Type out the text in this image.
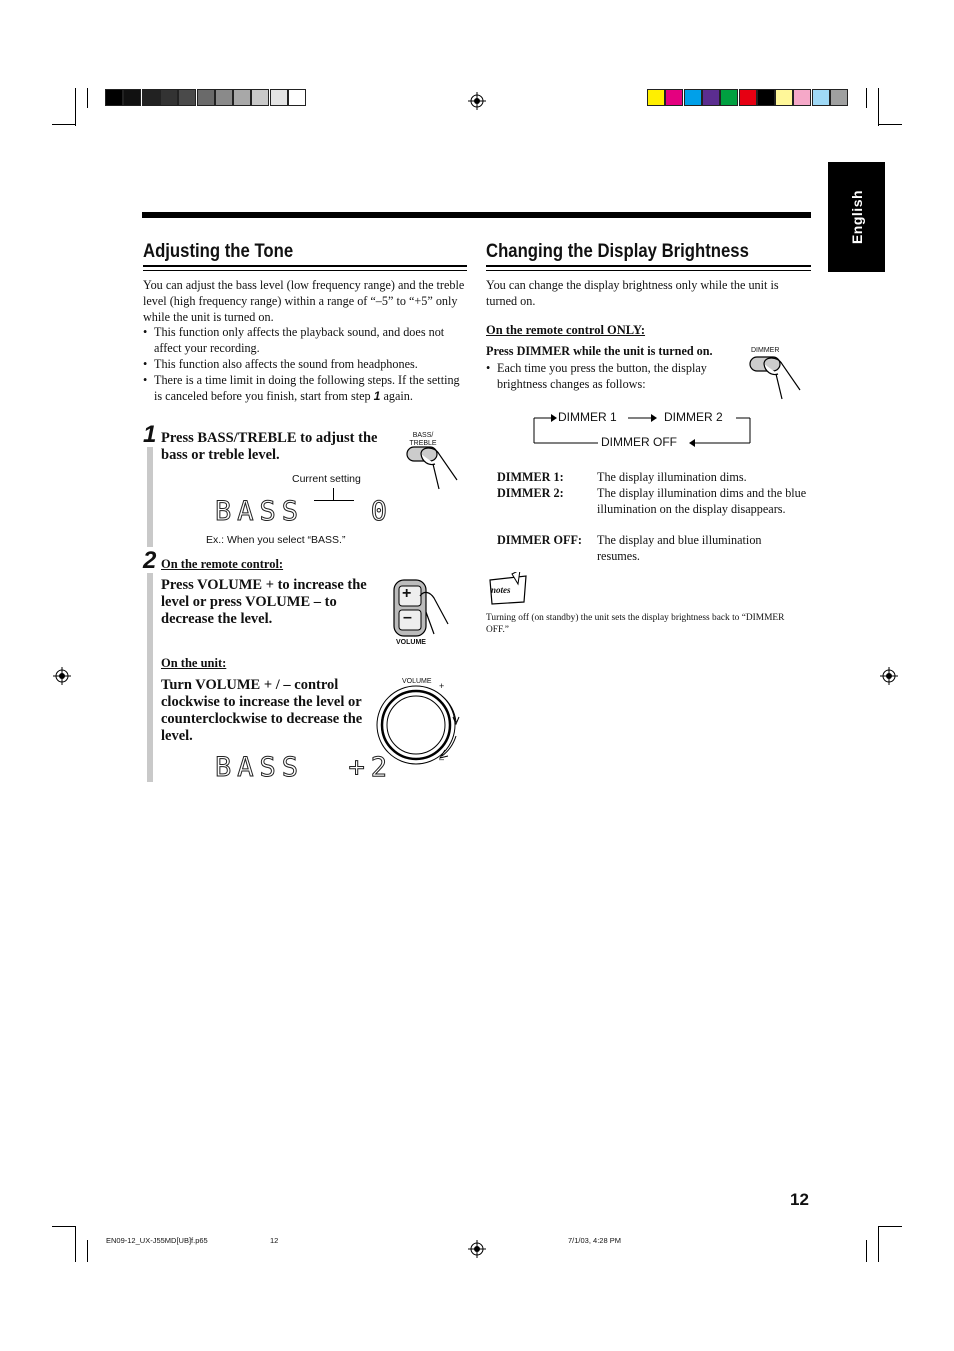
English
Adjusting the Tone
You can adjust the bass level (low frequency range) and the treble level (high frequency range) within a range of “–5” to “+5” only while the unit is turned on.
• This function only affects the playback sound, and does not affect your recording.
• This function also affects the sound from headphones.
• There is a time limit in doing the following steps. If the setting is canceled before you finish, start from step 1 again.
1 Press BASS/TREBLE to adjust the bass or treble level.
BASS/ TREBLE
Current setting
BASS   0
Ex.: When you select “BASS.”
2 On the remote control:
Press VOLUME + to increase the level or press VOLUME – to decrease the level.
+
–
VOLUME
On the unit:
Turn VOLUME + / – control clockwise to increase the level or counterclockwise to decrease the level.
VOLUME +
–
BASS  +2
Changing the Display Brightness
You can change the display brightness only while the unit is turned on.
On the remote control ONLY:
Press DIMMER while the unit is turned on.
• Each time you press the button, the display brightness changes as follows:
DIMMER
DIMMER 1	DIMMER 2
DIMMER OFF
DIMMER 1:	The display illumination dims.
DIMMER 2:	The display illumination dims and the blue illumination on the display disappears.
DIMMER OFF: The display and blue illumination resumes.
notes
Turning off (on standby) the unit sets the display brightness back to “DIMMER OFF.”
12
EN09-12_UX-J55MD[UB]f.p65	12	7/1/03, 4:28 PM
